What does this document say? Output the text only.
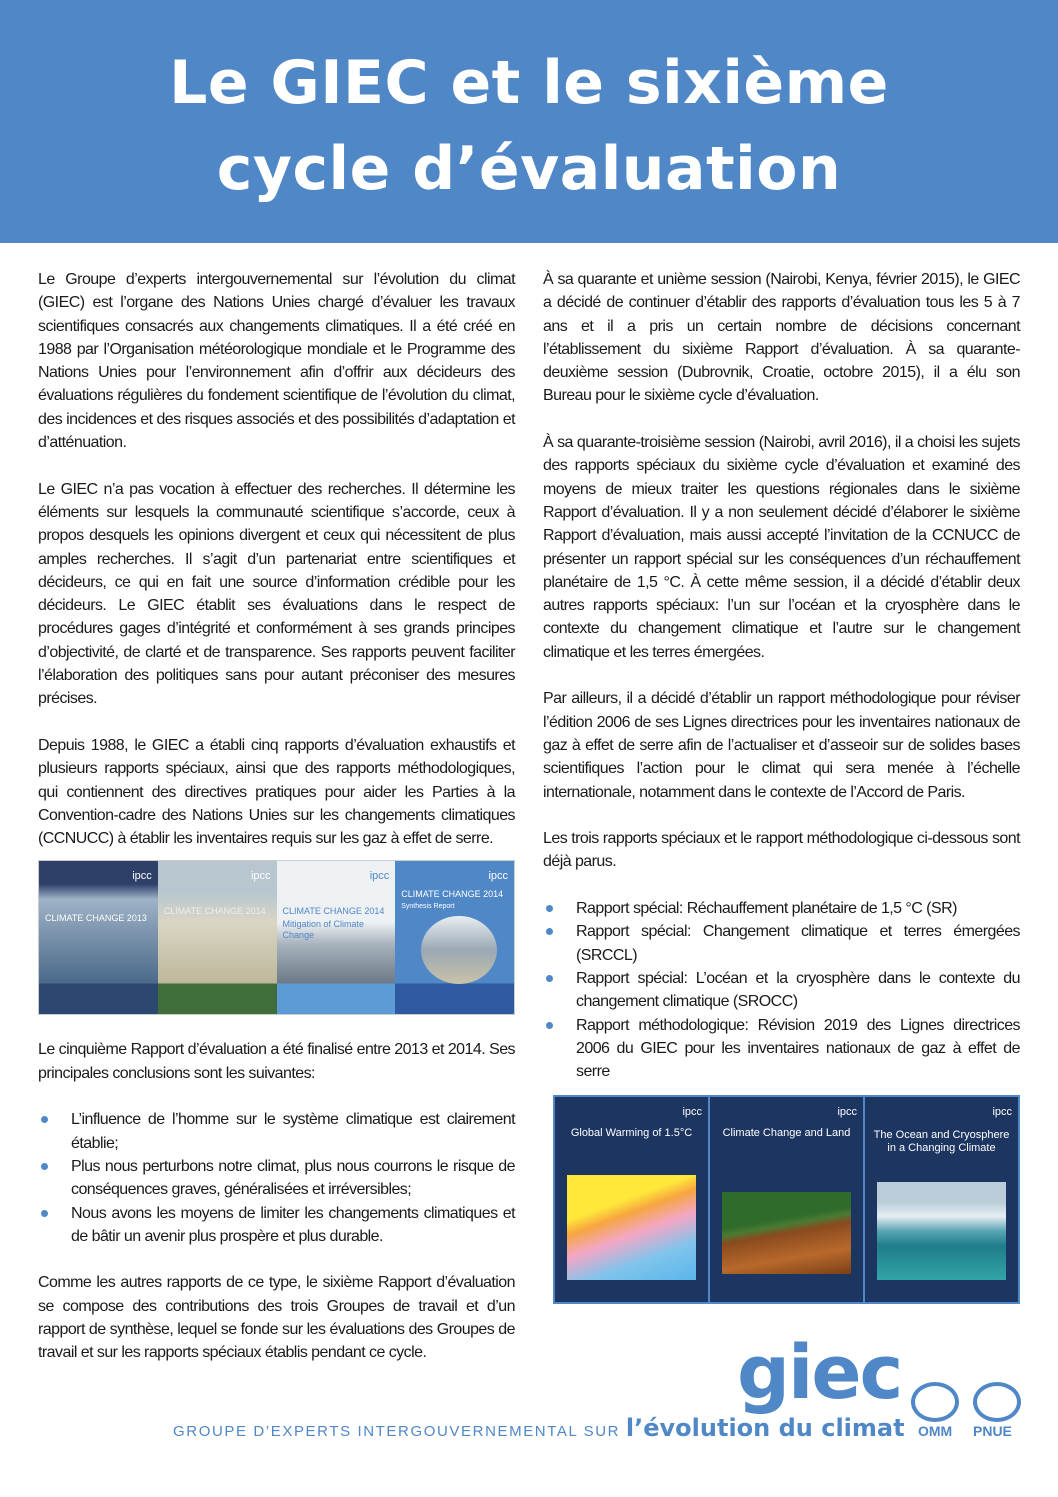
Le GIEC et le sixième
cycle d’évaluation

Le Groupe d’experts intergouvernemental sur l’évolution du climat (GIEC) est l’organe des Nations Unies chargé d’évaluer les travaux scientifiques consacrés aux changements climatiques. Il a été créé en 1988 par l’Organisation météorologique mondiale et le Programme des Nations Unies pour l’environnement afin d’offrir aux décideurs des évaluations régulières du fondement scientifique de l’évolution du climat, des incidences et des risques associés et des possibilités d’adaptation et d’atténuation.

Le GIEC n’a pas vocation à effectuer des recherches. Il détermine les éléments sur lesquels la communauté scientifique s’accorde, ceux à propos desquels les opinions divergent et ceux qui nécessitent de plus amples recherches. Il s’agit d’un partenariat entre scientifiques et décideurs, ce qui en fait une source d’information crédible pour les décideurs. Le GIEC établit ses évaluations dans le respect de procédures gages d’intégrité et conformément à ses grands principes d’objectivité, de clarté et de transparence. Ses rapports peuvent faciliter l’élaboration des politiques sans pour autant préconiser des mesures précises.

Depuis 1988, le GIEC a établi cinq rapports d’évaluation exhaustifs et plusieurs rapports spéciaux, ainsi que des rapports méthodologiques, qui contiennent des directives pratiques pour aider les Parties à la Convention-cadre des Nations Unies sur les changements climatiques (CCNUCC) à établir les inventaires requis sur les gaz à effet de serre.

ipcc
CLIMATE CHANGE 2013
ipcc
CLIMATE CHANGE 2014
ipcc
CLIMATE CHANGE 2014
Mitigation of Climate Change
ipcc
CLIMATE CHANGE 2014
Synthesis Report

Le cinquième Rapport d’évaluation a été finalisé entre 2013 et 2014. Ses principales conclusions sont les suivantes:

L’influence de l’homme sur le système climatique est clairement établie;
Plus nous perturbons notre climat, plus nous courrons le risque de conséquences graves, généralisées et irréversibles;
Nous avons les moyens de limiter les changements climatiques et de bâtir un avenir plus prospère et plus durable.

Comme les autres rapports de ce type, le sixième Rapport d’évaluation se compose des contributions des trois Groupes de travail et d’un rapport de synthèse, lequel se fonde sur les évaluations des Groupes de travail et sur les rapports spéciaux établis pendant ce cycle.

À sa quarante et unième session (Nairobi, Kenya, février 2015), le GIEC a décidé de continuer d’établir des rapports d’évaluation tous les 5 à 7 ans et il a pris un certain nombre de décisions concernant l’établissement du sixième Rapport d’évaluation. À sa quarante-deuxième session (Dubrovnik, Croatie, octobre 2015), il a élu son Bureau pour le sixième cycle d’évaluation.

À sa quarante-troisième session (Nairobi, avril 2016), il a choisi les sujets des rapports spéciaux du sixième cycle d’évaluation et examiné des moyens de mieux traiter les questions régionales dans le sixième Rapport d’évaluation. Il y a non seulement décidé d’élaborer le sixième Rapport d’évaluation, mais aussi accepté l’invitation de la CCNUCC de présenter un rapport spécial sur les conséquences d’un réchauffement planétaire de 1,5 °C. À cette même session, il a décidé d’établir deux autres rapports spéciaux: l’un sur l’océan et la cryosphère dans le contexte du changement climatique et l’autre sur le changement climatique et les terres émergées.

Par ailleurs, il a décidé d’établir un rapport méthodologique pour réviser l’édition 2006 de ses Lignes directrices pour les inventaires nationaux de gaz à effet de serre afin de l’actualiser et d’asseoir sur de solides bases scientifiques l’action pour le climat qui sera menée à l’échelle internationale, notamment dans le contexte de l’Accord de Paris.

Les trois rapports spéciaux et le rapport méthodologique ci-dessous sont déjà parus.

Rapport spécial: Réchauffement planétaire de 1,5 °C (SR)
Rapport spécial: Changement climatique et terres émergées (SRCCL)
Rapport spécial: L’océan et la cryosphère dans le contexte du changement climatique (SROCC)
Rapport méthodologique: Révision 2019 des Lignes directrices 2006 du GIEC pour les inventaires nationaux de gaz à effet de serre
ipcc
Global Warming of 1.5°C
ipcc
Climate Change and Land
ipcc
The Ocean and Cryosphere in a Changing Climate
giec
GROUPE D’EXPERTS INTERGOUVERNEMENTAL SUR l’évolution du climat OMM PNUE
